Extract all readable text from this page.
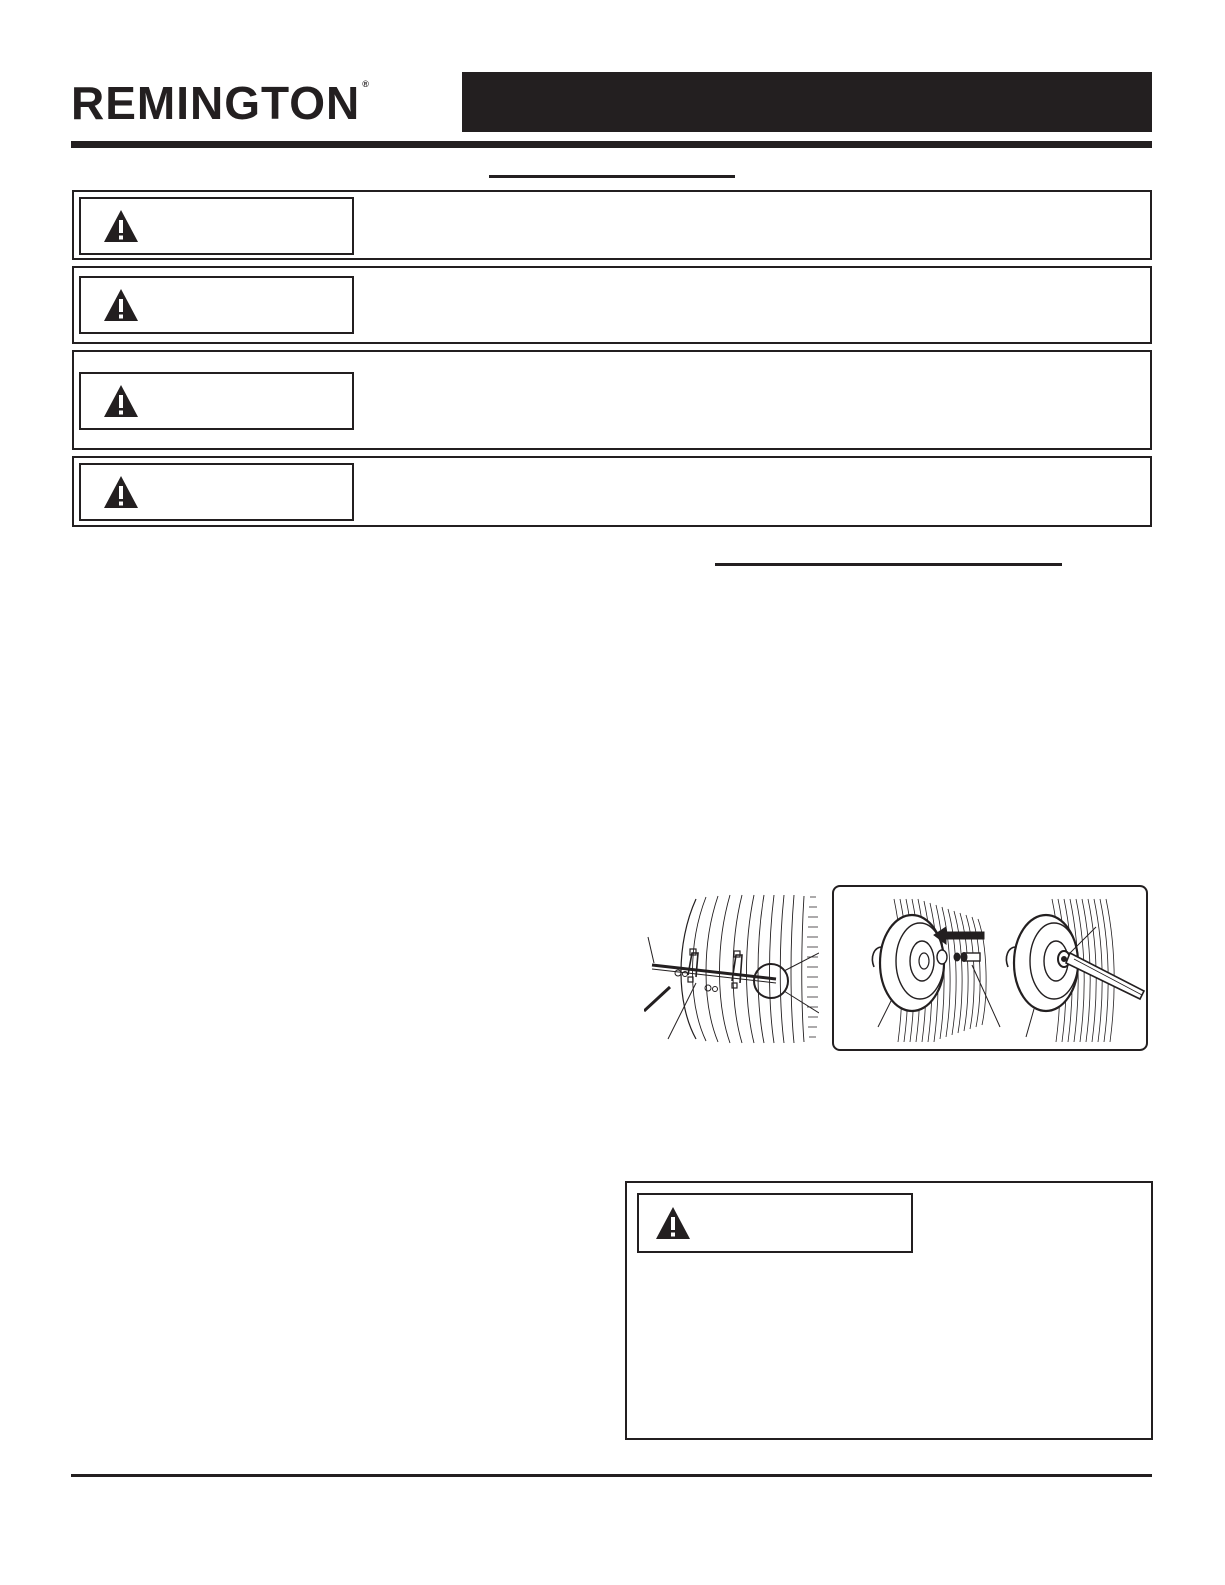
REMINGTON ®
